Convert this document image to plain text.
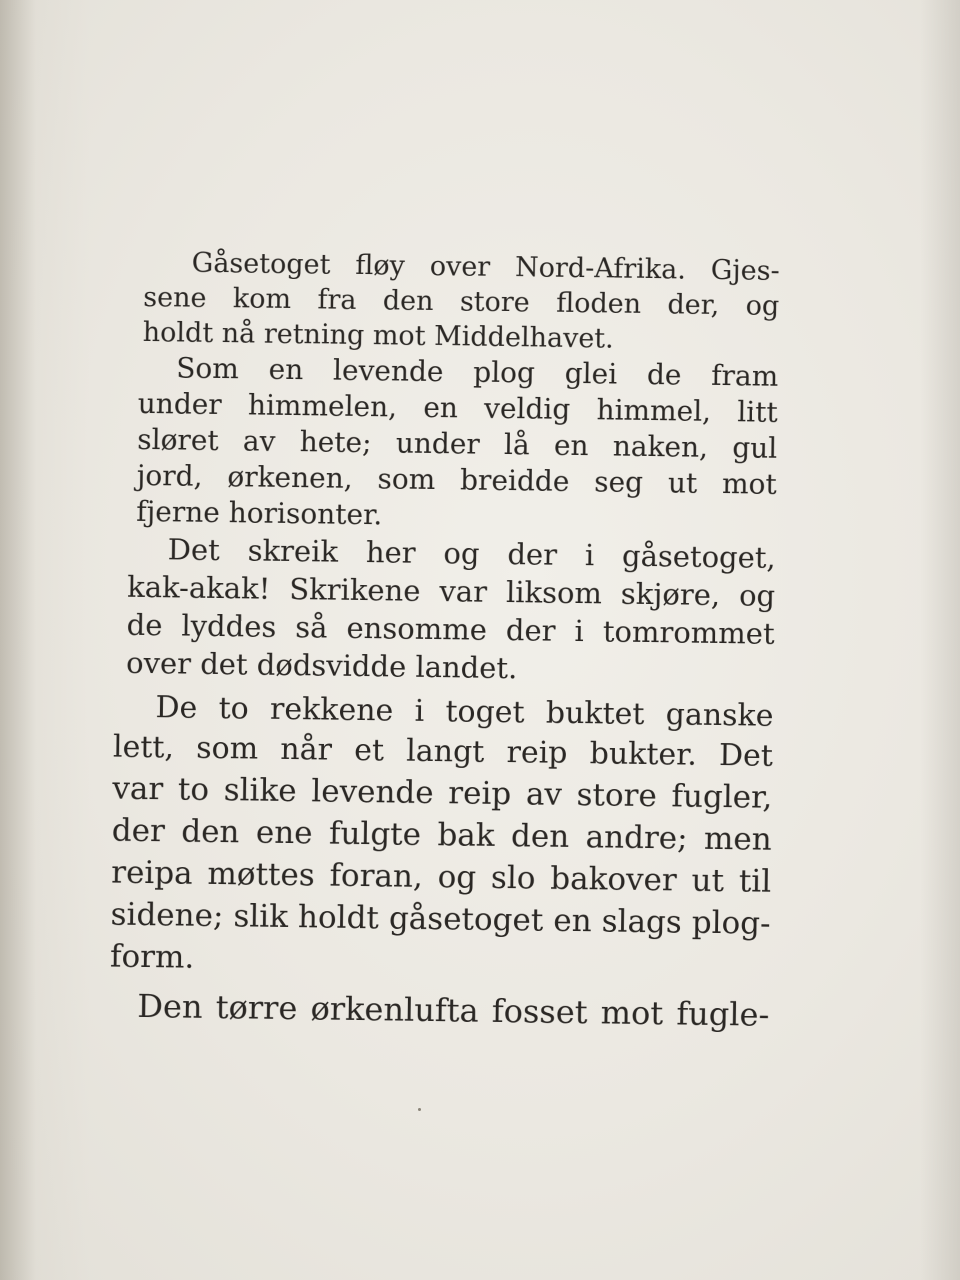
Gåsetoget fløy over Nord-Afrika. Gjes-
sene kom fra den store floden der, og
holdt nå retning mot Middelhavet.
Som en levende plog glei de fram
under himmelen, en veldig himmel, litt
sløret av hete; under lå en naken, gul
jord, ørkenen, som breidde seg ut mot
fjerne horisonter.
Det skreik her og der i gåsetoget,
kak-akak! Skrikene var liksom skjøre, og
de lyddes så ensomme der i tomrommet
over det dødsvidde landet.
De to rekkene i toget buktet ganske
lett, som når et langt reip bukter. Det
var to slike levende reip av store fugler,
der den ene fulgte bak den andre; men
reipa møttes foran, og slo bakover ut til
sidene; slik holdt gåsetoget en slags plog-
form.
Den tørre ørkenlufta fosset mot fugle-
